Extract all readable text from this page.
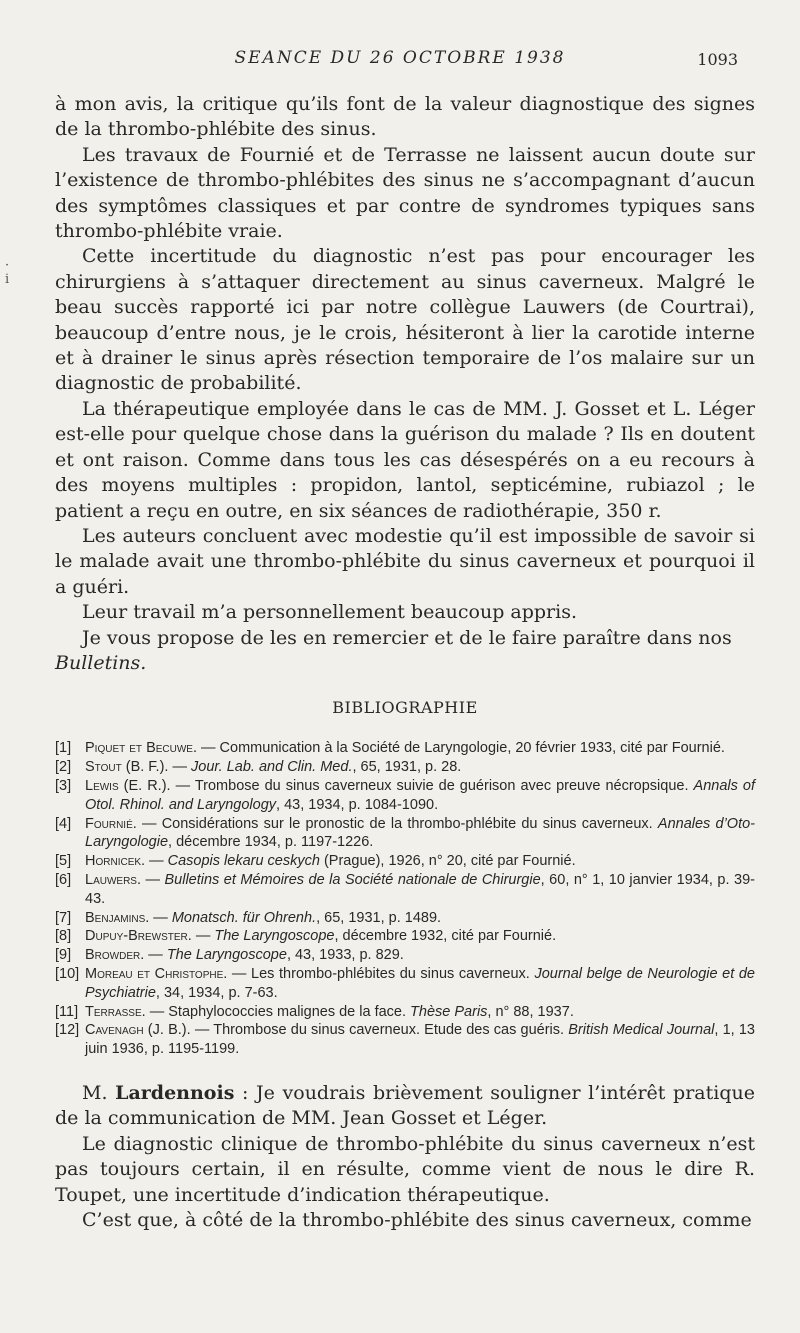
SEANCE DU 26 OCTOBRE 1938	1093
·
i

à mon avis, la critique qu’ils font de la valeur diagnostique des signes de la thrombo-phlébite des sinus.

Les travaux de Fournié et de Terrasse ne laissent aucun doute sur l’existence de thrombo-phlébites des sinus ne s’accompagnant d’aucun des symptômes classiques et par contre de syndromes typiques sans thrombo-phlébite vraie.

Cette incertitude du diagnostic n’est pas pour encourager les chirurgiens à s’attaquer directement au sinus caverneux. Malgré le beau succès rapporté ici par notre collègue Lauwers (de Courtrai), beaucoup d’entre nous, je le crois, hésiteront à lier la carotide interne et à drainer le sinus après résection temporaire de l’os malaire sur un diagnostic de probabilité.

La thérapeutique employée dans le cas de MM. J. Gosset et L. Léger est-elle pour quelque chose dans la guérison du malade ? Ils en doutent et ont raison. Comme dans tous les cas désespérés on a eu recours à des moyens multiples : propidon, lantol, septicémine, rubiazol ; le patient a reçu en outre, en six séances de radiothérapie, 350 r.

Les auteurs concluent avec modestie qu’il est impossible de savoir si le malade avait une thrombo-phlébite du sinus caverneux et pourquoi il a guéri.

Leur travail m’a personnellement beaucoup appris.

Je vous propose de les en remercier et de le faire paraître dans nos

Bulletins.

BIBLIOGRAPHIE
[1] Piquet et Becuwe. — Communication à la Société de Laryngologie, 20 février 1933, cité par Fournié.
[2] Stout (B. F.). — Jour. Lab. and Clin. Med., 65, 1931, p. 28.
[3] Lewis (E. R.). — Trombose du sinus caverneux suivie de guérison avec preuve nécropsique. Annals of Otol. Rhinol. and Laryngology, 43, 1934, p. 1084-1090.
[4] Fournié. — Considérations sur le pronostic de la thrombo-phlébite du sinus caverneux. Annales d’Oto-Laryngologie, décembre 1934, p. 1197-1226.
[5] Hornicek. — Casopis lekaru ceskych (Prague), 1926, n° 20, cité par Fournié.
[6] Lauwers. — Bulletins et Mémoires de la Société nationale de Chirurgie, 60, n° 1, 10 janvier 1934, p. 39-43.
[7] Benjamins. — Monatsch. für Ohrenh., 65, 1931, p. 1489.
[8] Dupuy-Brewster. — The Laryngoscope, décembre 1932, cité par Fournié.
[9] Browder. — The Laryngoscope, 43, 1933, p. 829.
[10] Moreau et Christophe. — Les thrombo-phlébites du sinus caverneux. Journal belge de Neurologie et de Psychiatrie, 34, 1934, p. 7-63.
[11] Terrasse. — Staphylococcies malignes de la face. Thèse Paris, n° 88, 1937.
[12] Cavenagh (J. B.). — Thrombose du sinus caverneux. Etude des cas guéris. British Medical Journal, 1, 13 juin 1936, p. 1195-1199.

M. Lardennois : Je voudrais brièvement souligner l’intérêt pratique de la communication de MM. Jean Gosset et Léger.

Le diagnostic clinique de thrombo-phlébite du sinus caverneux n’est pas toujours certain, il en résulte, comme vient de nous le dire R. Toupet, une incertitude d’indication thérapeutique.

C’est que, à côté de la thrombo-phlébite des sinus caverneux, comme
